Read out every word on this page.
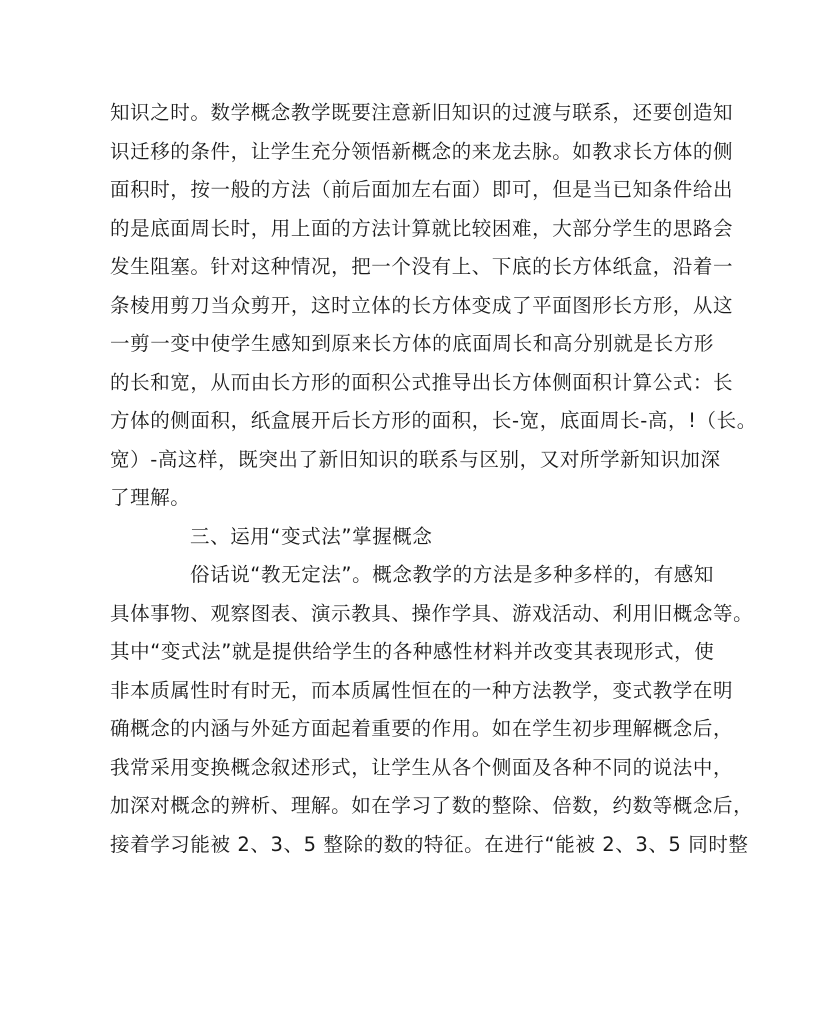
知识之时。数学概念教学既要注意新旧知识的过渡与联系，还要创造知
识迁移的条件，让学生充分领悟新概念的来龙去脉。如教求长方体的侧
面积时，按一般的方法（前后面加左右面）即可，但是当已知条件给出
的是底面周长时，用上面的方法计算就比较困难，大部分学生的思路会
发生阻塞。针对这种情况，把一个没有上、下底的长方体纸盒，沿着一
条棱用剪刀当众剪开，这时立体的长方体变成了平面图形长方形，从这
一剪一变中使学生感知到原来长方体的底面周长和高分别就是长方形
的长和宽，从而由长方形的面积公式推导出长方体侧面积计算公式：长
方体的侧面积，纸盒展开后长方形的面积，长-宽，底面周长-高，!（长。
宽）-高这样，既突出了新旧知识的联系与区别，又对所学新知识加深
了理解。
三、运用“变式法”掌握概念
俗话说“教无定法”。概念教学的方法是多种多样的，有感知
具体事物、观察图表、演示教具、操作学具、游戏活动、利用旧概念等。
其中“变式法”就是提供给学生的各种感性材料并改变其表现形式，使
非本质属性时有时无，而本质属性恒在的一种方法教学，变式教学在明
确概念的内涵与外延方面起着重要的作用。如在学生初步理解概念后，
我常采用变换概念叙述形式，让学生从各个侧面及各种不同的说法中，
加深对概念的辨析、理解。如在学习了数的整除、倍数，约数等概念后，
接着学习能被 2、3、5 整除的数的特征。在进行“能被 2、3、5 同时整
